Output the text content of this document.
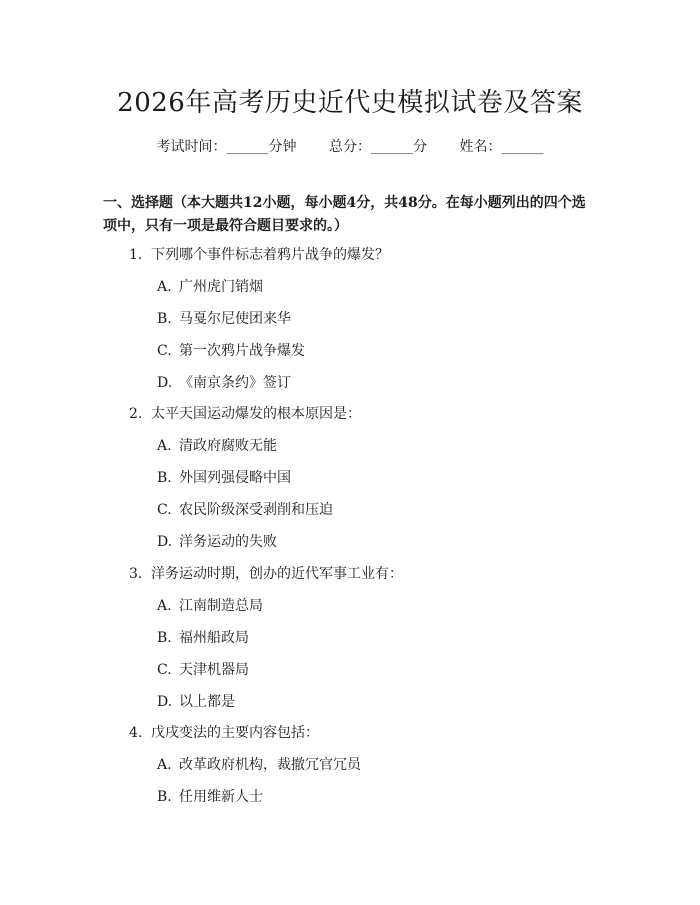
2026年高考历史近代史模拟试卷及答案
考试时间：______分钟 总分：______分 姓名：______
一、选择题（本大题共12小题，每小题4分，共48分。在每小题列出的四个选
项中，只有一项是最符合题目要求的。）
1. 下列哪个事件标志着鸦片战争的爆发？
A. 广州虎门销烟
B. 马戛尔尼使团来华
C. 第一次鸦片战争爆发
D. 《南京条约》签订
2. 太平天国运动爆发的根本原因是：
A. 清政府腐败无能
B. 外国列强侵略中国
C. 农民阶级深受剥削和压迫
D. 洋务运动的失败
3. 洋务运动时期，创办的近代军事工业有：
A. 江南制造总局
B. 福州船政局
C. 天津机器局
D. 以上都是
4. 戊戌变法的主要内容包括：
A. 改革政府机构，裁撤冗官冗员
B. 任用维新人士
